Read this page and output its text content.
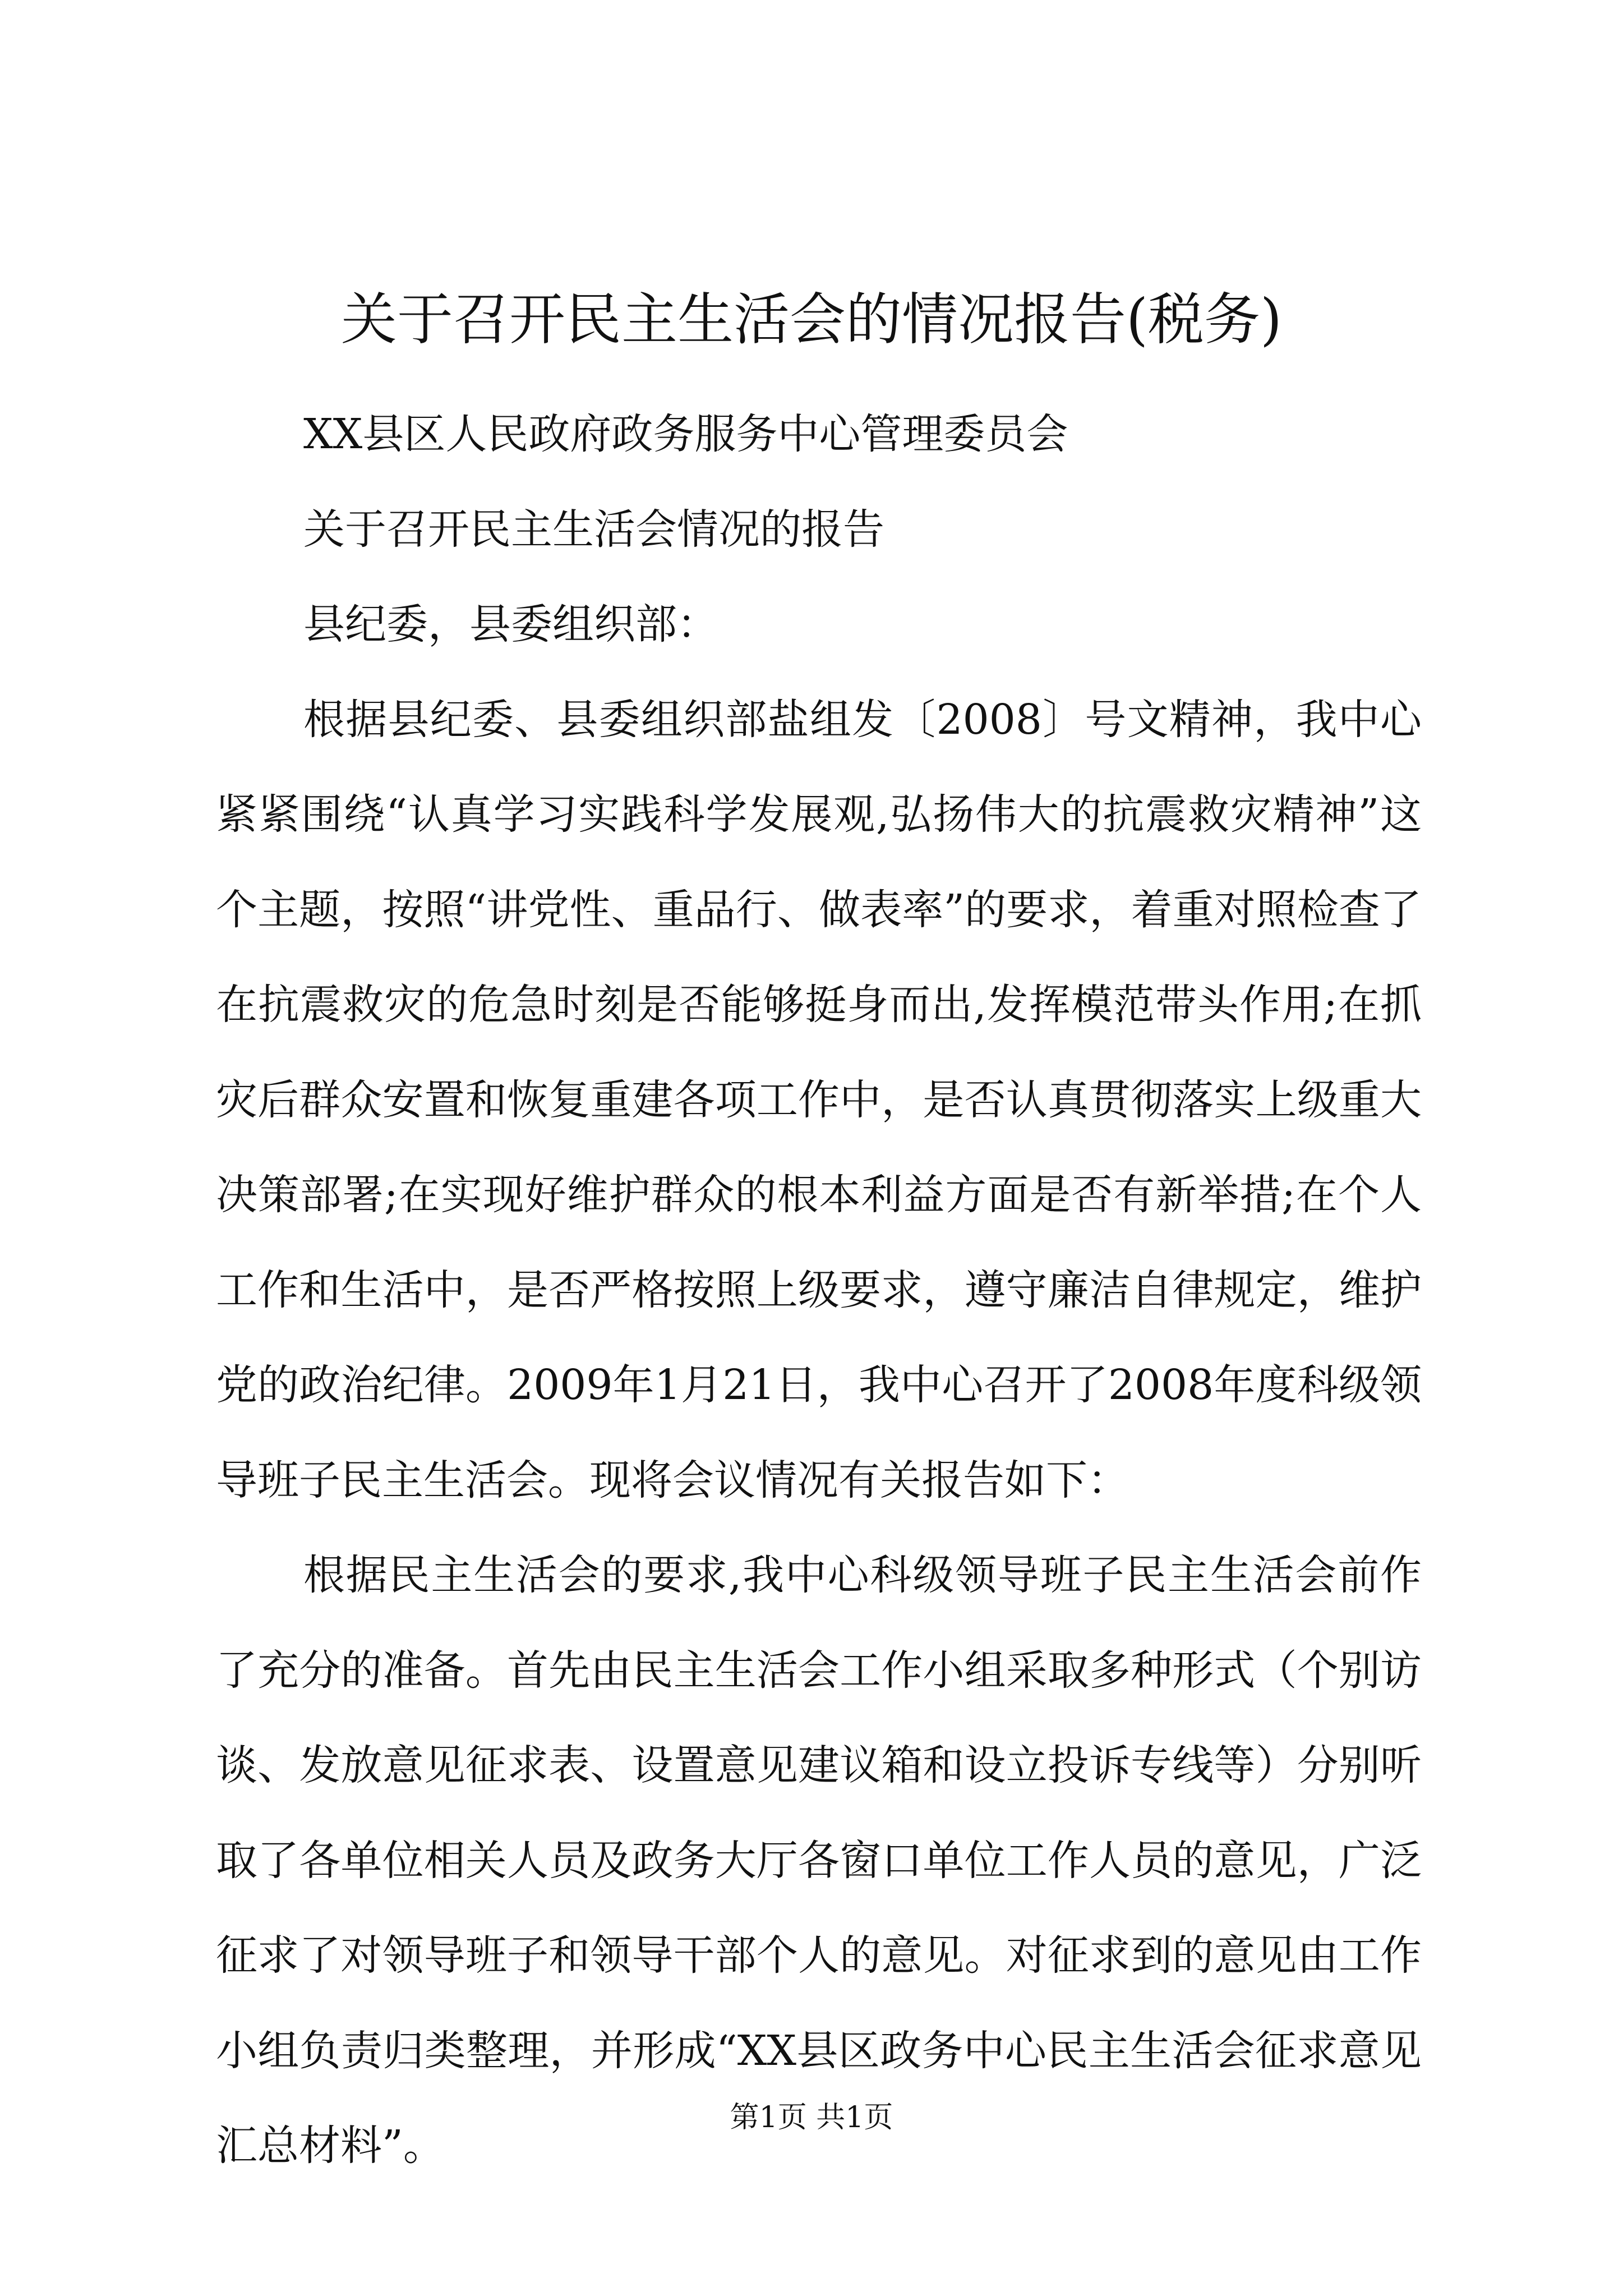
关于召开民主生活会的情况报告(税务)

XX县区人民政府政务服务中心管理委员会

关于召开民主生活会情况的报告

县纪委，县委组织部：

根据县纪委、县委组织部盐组发〔2008〕号文精神，我中心紧紧围绕“认真学习实践科学发展观,弘扬伟大的抗震救灾精神”这个主题，按照“讲党性、重品行、做表率”的要求，着重对照检查了在抗震救灾的危急时刻是否能够挺身而出,发挥模范带头作用;在抓灾后群众安置和恢复重建各项工作中，是否认真贯彻落实上级重大决策部署;在实现好维护群众的根本利益方面是否有新举措;在个人工作和生活中，是否严格按照上级要求，遵守廉洁自律规定，维护党的政治纪律。2009年1月21日，我中心召开了2008年度科级领导班子民主生活会。现将会议情况有关报告如下：

根据民主生活会的要求,我中心科级领导班子民主生活会前作了充分的准备。首先由民主生活会工作小组采取多种形式（个别访谈、发放意见征求表、设置意见建议箱和设立投诉专线等）分别听取了各单位相关人员及政务大厅各窗口单位工作人员的意见，广泛征求了对领导班子和领导干部个人的意见。对征求到的意见由工作小组负责归类整理，并形成“XX县区政务中心民主生活会征求意见汇总材料”。

第1页 共1页
